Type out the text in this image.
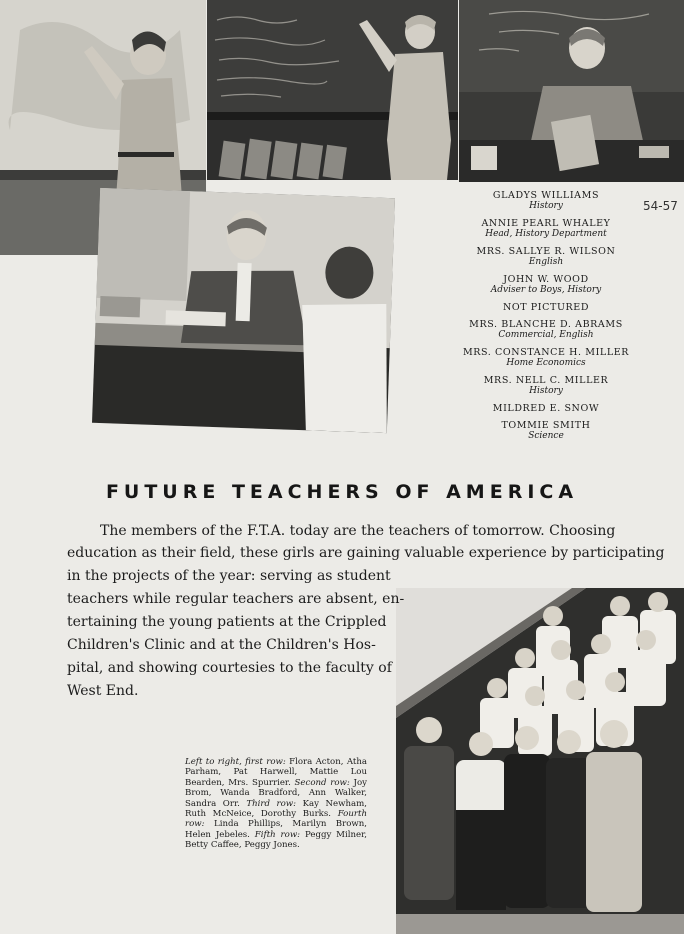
54-57
GLADYS WILLIAMS
History
ANNIE PEARL WHALEY
Head, History Department
MRS. SALLYE R. WILSON
English
JOHN W. WOOD
Adviser to Boys, History
NOT PICTURED
MRS. BLANCHE D. ABRAMS
Commercial, English
MRS. CONSTANCE H. MILLER
Home Economics
MRS. NELL C. MILLER
History
MILDRED E. SNOW
TOMMIE SMITH
Science
FUTURE TEACHERS OF AMERICA
The members of the F.T.A. today are the teachers of tomorrow. Choosing
education as their field, these girls are gaining valuable experience by participating
in the projects of the year: serving as student
teachers while regular teachers are absent, en-
tertaining the young patients at the Crippled
Children's Clinic and at the Children's Hos-
pital, and showing courtesies to the faculty of
West End.
Left to right, first row: Flora Acton, Atha Parham, Pat Harwell, Mattie Lou Bearden, Mrs. Spurrier. Second row: Joy Brom, Wanda Bradford, Ann Walker, Sandra Orr. Third row: Kay Newham, Ruth McNeice, Dorothy Burks. Fourth row: Linda Phillips, Marilyn Brown, Helen Jebeles. Fifth row: Peggy Milner, Betty Caffee, Peggy Jones.
